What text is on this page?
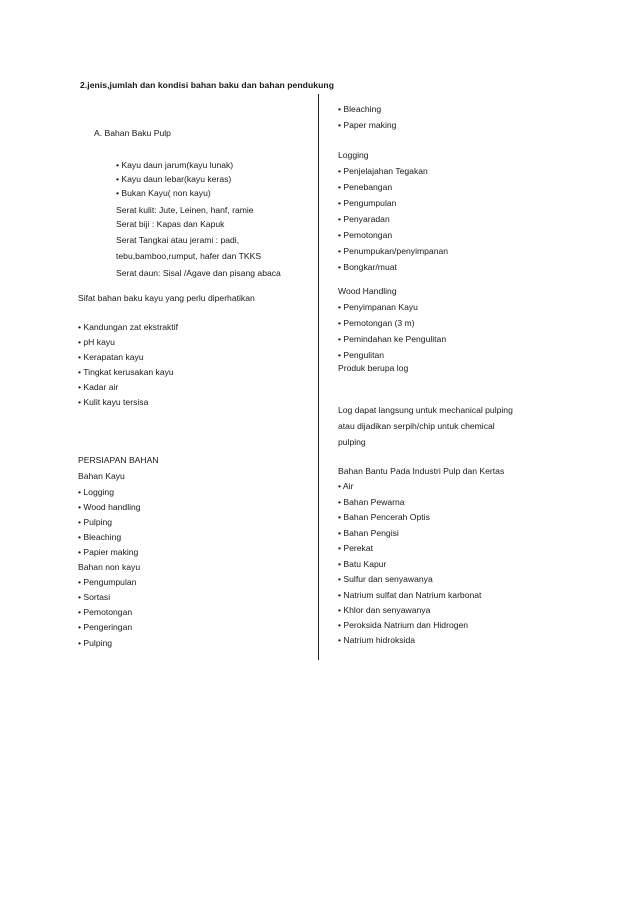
2.jenis,jumlah dan kondisi bahan baku dan bahan pendukung
A. Bahan Baku Pulp
• Kayu daun jarum(kayu lunak)
• Kayu daun lebar(kayu keras)
• Bukan Kayu( non kayu)
Serat kulit: Jute, Leinen, hanf, ramie
Serat biji : Kapas dan Kapuk
Serat Tangkai atau jerami : padi,
tebu,bamboo,rumput, hafer dan TKKS
Serat daun: Sisal /Agave dan pisang abaca
Sifat bahan baku kayu yang perlu diperhatikan
• Kandungan zat ekstraktif
• pH kayu
• Kerapatan kayu
• Tingkat kerusakan kayu
• Kadar air
• Kulit kayu tersisa
PERSIAPAN BAHAN
Bahan Kayu
• Logging
• Wood handling
• Pulping
• Bleaching
• Papier making
Bahan non kayu
• Pengumpulan
• Sortasi
• Pemotongan
• Pengeringan
• Pulping
• Bleaching
• Paper making
Logging
• Penjelajahan Tegakan
• Penebangan
• Pengumpulan
• Penyaradan
• Pemotongan
• Penumpukan/penyimpanan
• Bongkar/muat
Wood Handling
• Penyimpanan Kayu
• Pemotongan (3 m)
• Pemindahan ke Pengulitan
• Pengulitan
Produk berupa log
Log dapat langsung untuk mechanical pulping
atau dijadikan serpih/chip untuk chemical
pulping
Bahan Bantu Pada Industri Pulp dan Kertas
• Air
• Bahan Pewarna
• Bahan Pencerah Optis
• Bahan Pengisi
• Perekat
• Batu Kapur
• Sulfur dan senyawanya
• Natrium sulfat dan Natrium karbonat
• Khlor dan senyawanya
• Peroksida Natrium dan Hidrogen
• Natrium hidroksida
